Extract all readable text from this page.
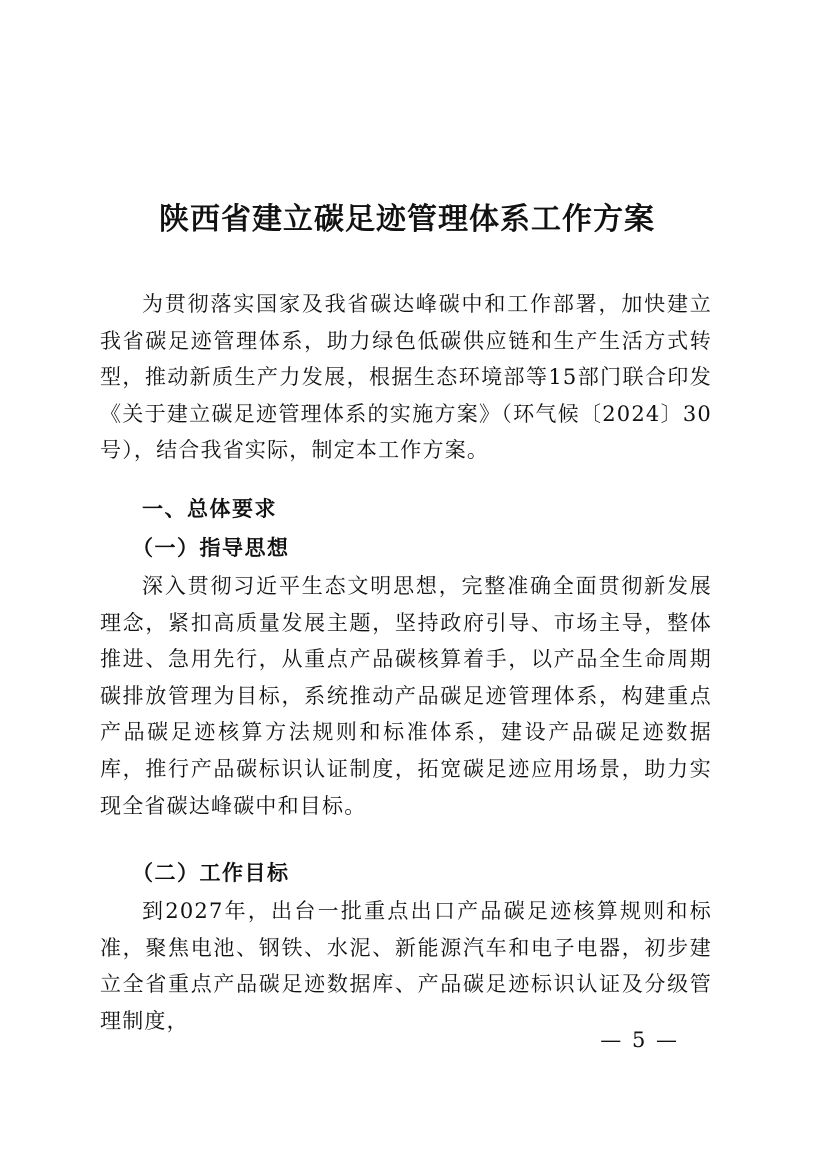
陕西省建立碳足迹管理体系工作方案

为贯彻落实国家及我省碳达峰碳中和工作部署，加快建立我省碳足迹管理体系，助力绿色低碳供应链和生产生活方式转型，推动新质生产力发展，根据生态环境部等15部门联合印发《关于建立碳足迹管理体系的实施方案》（环气候〔2024〕30号），结合我省实际，制定本工作方案。

一、总体要求

（一）指导思想

深入贯彻习近平生态文明思想，完整准确全面贯彻新发展理念，紧扣高质量发展主题，坚持政府引导、市场主导，整体推进、急用先行，从重点产品碳核算着手，以产品全生命周期碳排放管理为目标，系统推动产品碳足迹管理体系，构建重点产品碳足迹核算方法规则和标准体系，建设产品碳足迹数据库，推行产品碳标识认证制度，拓宽碳足迹应用场景，助力实现全省碳达峰碳中和目标。

（二）工作目标

到2027年，出台一批重点出口产品碳足迹核算规则和标准，聚焦电池、钢铁、水泥、新能源汽车和电子电器，初步建立全省重点产品碳足迹数据库、产品碳足迹标识认证及分级管理制度，

— 5 —
